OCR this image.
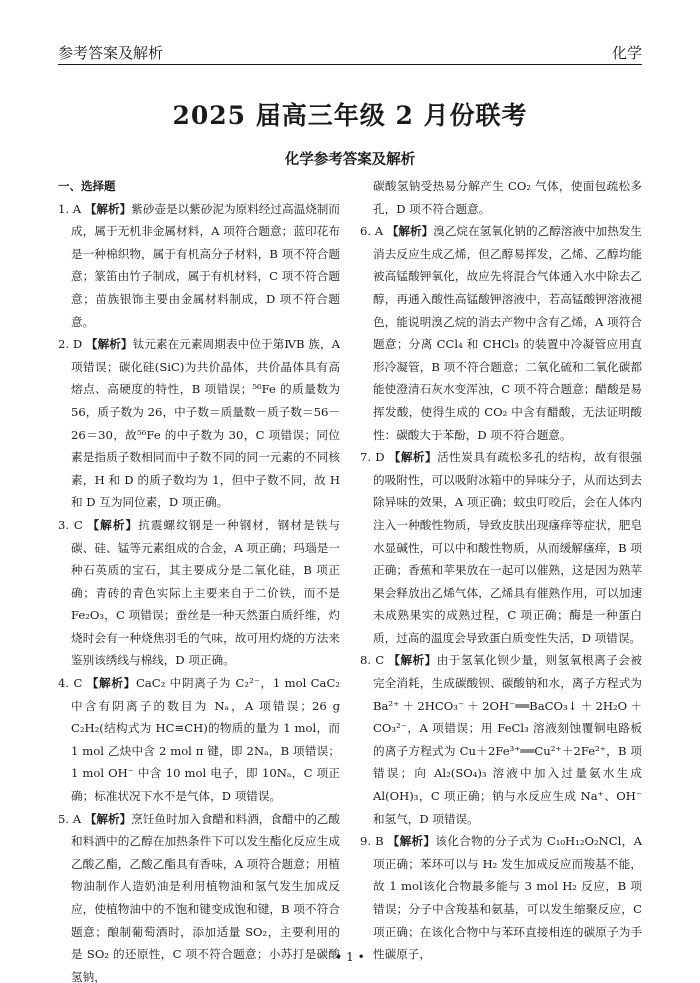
参考答案及解析	化学
2025 届高三年级 2 月份联考
化学参考答案及解析
一、选择题
1. A 【解析】紫砂壶是以紫砂泥为原料经过高温烧制而成，属于无机非金属材料，A 项符合题意；蓝印花布是一种棉织物，属于有机高分子材料，B 项不符合题意；篆笛由竹子制成，属于有机材料，C 项不符合题意；苗族银饰主要由金属材料制成，D 项不符合题意。
2. D 【解析】钛元素在元素周期表中位于第ⅣB 族，A 项错误；碳化硅(SiC)为共价晶体，共价晶体具有高熔点、高硬度的特性，B 项错误；⁵⁶Fe 的质量数为 56，质子数为 26，中子数＝质量数－质子数＝56－26＝30，故⁵⁶Fe 的中子数为 30，C 项错误；同位素是指质子数相同而中子数不同的同一元素的不同核素，H 和 D 的质子数均为 1，但中子数不同，故 H 和 D 互为同位素，D 项正确。
3. C 【解析】抗震螺纹钢是一种钢材，钢材是铁与碳、硅、锰等元素组成的合金，A 项正确；玛瑙是一种石英质的宝石，其主要成分是二氧化硅，B 项正确；青砖的青色实际上主要来自于二价铁，而不是 Fe₂O₃，C 项错误；蚕丝是一种天然蛋白质纤维，灼烧时会有一种烧焦羽毛的气味，故可用灼烧的方法来鉴别该绣线与棉线，D 项正确。
4. C 【解析】CaC₂ 中阴离子为 C₂²⁻，1 mol CaC₂ 中含有阴离子的数目为 Nₐ，A 项错误；26 g C₂H₂(结构式为 HC≡CH)的物质的量为 1 mol，而 1 mol 乙炔中含 2 mol π 键，即 2Nₐ，B 项错误；1 mol OH⁻ 中含 10 mol 电子，即 10Nₐ，C 项正确；标准状况下水不是气体，D 项错误。
5. A 【解析】烹饪鱼时加入食醋和料酒，食醋中的乙酸和料酒中的乙醇在加热条件下可以发生酯化反应生成乙酸乙酯，乙酸乙酯具有香味，A 项符合题意；用植物油制作人造奶油是利用植物油和氢气发生加成反应，使植物油中的不饱和键变成饱和键，B 项不符合题意；酿制葡萄酒时，添加适量 SO₂，主要利用的是 SO₂ 的还原性，C 项不符合题意；小苏打是碳酸氢钠，
碳酸氢钠受热易分解产生 CO₂ 气体，使面包疏松多孔，D 项不符合题意。
6. A 【解析】溴乙烷在氢氧化钠的乙醇溶液中加热发生消去反应生成乙烯，但乙醇易挥发，乙烯、乙醇均能被高锰酸钾氧化，故应先将混合气体通入水中除去乙醇，再通入酸性高锰酸钾溶液中，若高锰酸钾溶液褪色，能说明溴乙烷的消去产物中含有乙烯，A 项符合题意；分离 CCl₄ 和 CHCl₃ 的装置中冷凝管应用直形冷凝管，B 项不符合题意；二氧化硫和二氧化碳都能使澄清石灰水变浑浊，C 项不符合题意；醋酸是易挥发酸，使得生成的 CO₂ 中含有醋酸，无法证明酸性：碳酸大于苯酚，D 项不符合题意。
7. D 【解析】活性炭具有疏松多孔的结构，故有很强的吸附性，可以吸附冰箱中的异味分子，从而达到去除异味的效果，A 项正确；蚊虫叮咬后，会在人体内注入一种酸性物质，导致皮肤出现瘙痒等症状，肥皂水显碱性，可以中和酸性物质，从而缓解瘙痒，B 项正确；香蕉和苹果放在一起可以催熟，这是因为熟苹果会释放出乙烯气体，乙烯具有催熟作用，可以加速未成熟果实的成熟过程，C 项正确；酶是一种蛋白质，过高的温度会导致蛋白质变性失活，D 项错误。
8. C 【解析】由于氢氧化钡少量，则氢氧根离子会被完全消耗，生成碳酸钡、碳酸钠和水，离子方程式为 Ba²⁺＋2HCO₃⁻＋2OH⁻══BaCO₃↓＋2H₂O＋CO₃²⁻，A 项错误；用 FeCl₃ 溶液刻蚀覆铜电路板的离子方程式为 Cu＋2Fe³⁺══Cu²⁺＋2Fe²⁺，B 项错误；向 Al₂(SO₄)₃ 溶液中加入过量氨水生成 Al(OH)₃，C 项正确；钠与水反应生成 Na⁺、OH⁻ 和氢气，D 项错误。
9. B 【解析】该化合物的分子式为 C₁₀H₁₂O₂NCl，A 项正确；苯环可以与 H₂ 发生加成反应而羧基不能，故 1 mol该化合物最多能与 3 mol H₂ 反应，B 项错误；分子中含羧基和氨基，可以发生缩聚反应，C 项正确；在该化合物中与苯环直接相连的碳原子为手性碳原子，
• 1 •
